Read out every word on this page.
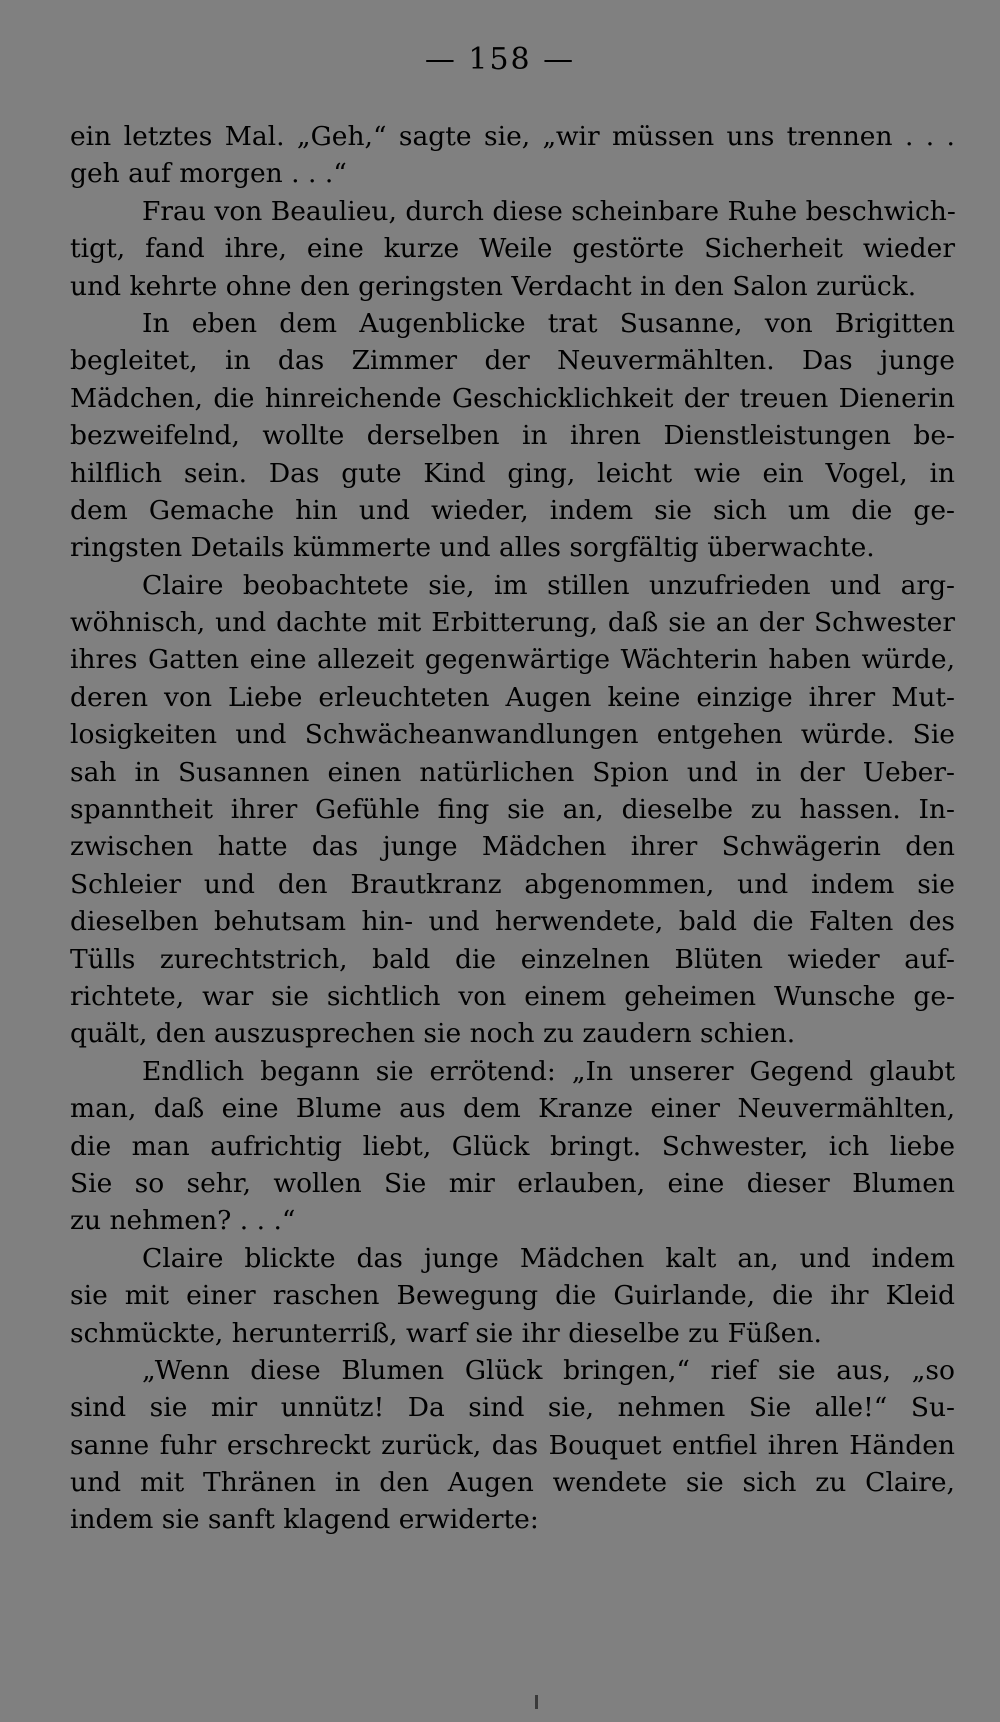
— 158 —
ein letztes Mal. „Geh,“ sagte sie, „wir müssen uns trennen . . .
geh auf morgen . . .“
Frau von Beaulieu, durch diese scheinbare Ruhe beschwich-
tigt, fand ihre, eine kurze Weile gestörte Sicherheit wieder
und kehrte ohne den geringsten Verdacht in den Salon zurück.
In eben dem Augenblicke trat Susanne, von Brigitten
begleitet, in das Zimmer der Neuvermählten. Das junge
Mädchen, die hinreichende Geschicklichkeit der treuen Dienerin
bezweifelnd, wollte derselben in ihren Dienstleistungen be-
hilflich sein. Das gute Kind ging, leicht wie ein Vogel, in
dem Gemache hin und wieder, indem sie sich um die ge-
ringsten Details kümmerte und alles sorgfältig überwachte.
Claire beobachtete sie, im stillen unzufrieden und arg-
wöhnisch, und dachte mit Erbitterung, daß sie an der Schwester
ihres Gatten eine allezeit gegenwärtige Wächterin haben würde,
deren von Liebe erleuchteten Augen keine einzige ihrer Mut-
losigkeiten und Schwächeanwandlungen entgehen würde. Sie
sah in Susannen einen natürlichen Spion und in der Ueber-
spanntheit ihrer Gefühle fing sie an, dieselbe zu hassen. In-
zwischen hatte das junge Mädchen ihrer Schwägerin den
Schleier und den Brautkranz abgenommen, und indem sie
dieselben behutsam hin- und herwendete, bald die Falten des
Tülls zurechtstrich, bald die einzelnen Blüten wieder auf-
richtete, war sie sichtlich von einem geheimen Wunsche ge-
quält, den auszusprechen sie noch zu zaudern schien.
Endlich begann sie errötend: „In unserer Gegend glaubt
man, daß eine Blume aus dem Kranze einer Neuvermählten,
die man aufrichtig liebt, Glück bringt. Schwester, ich liebe
Sie so sehr, wollen Sie mir erlauben, eine dieser Blumen
zu nehmen? . . .“
Claire blickte das junge Mädchen kalt an, und indem
sie mit einer raschen Bewegung die Guirlande, die ihr Kleid
schmückte, herunterriß, warf sie ihr dieselbe zu Füßen.
„Wenn diese Blumen Glück bringen,“ rief sie aus, „so
sind sie mir unnütz! Da sind sie, nehmen Sie alle!“ Su-
sanne fuhr erschreckt zurück, das Bouquet entfiel ihren Händen
und mit Thränen in den Augen wendete sie sich zu Claire,
indem sie sanft klagend erwiderte:
